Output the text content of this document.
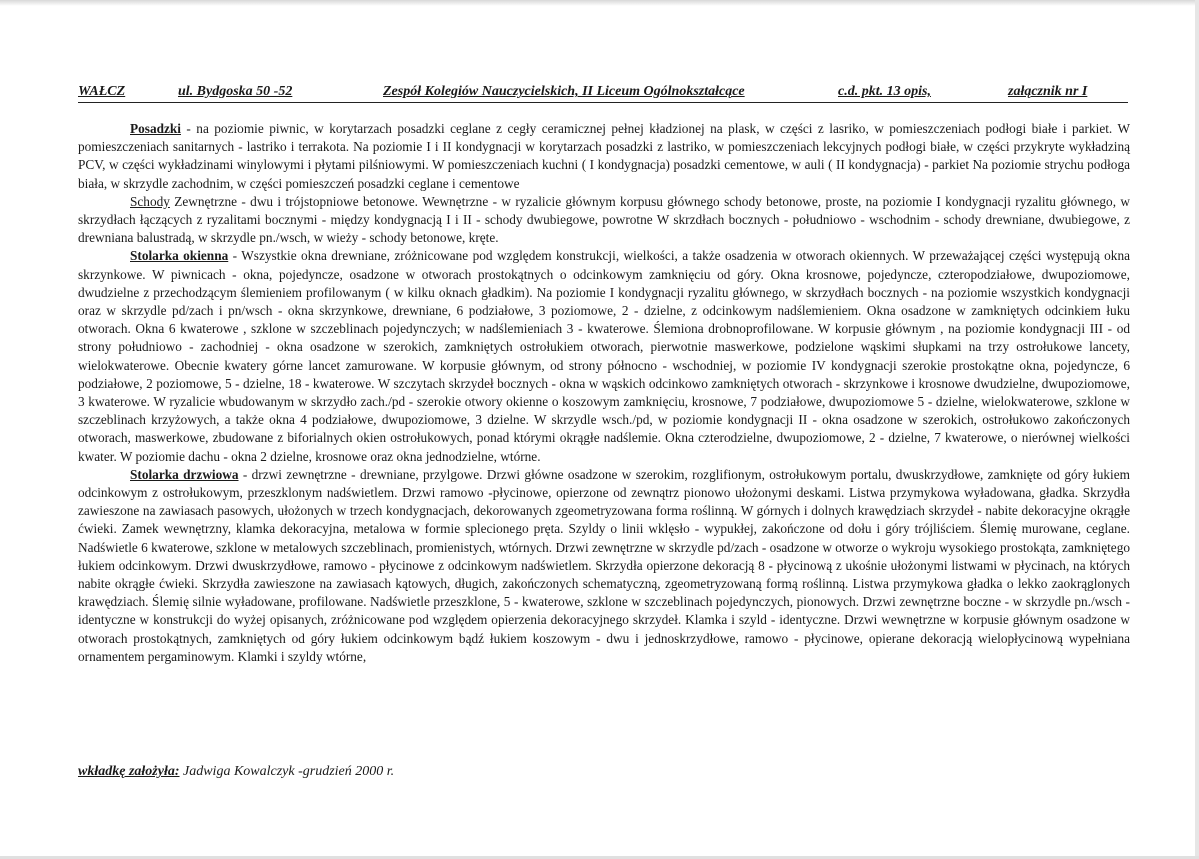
WAŁCZ	ul. Bydgoska 50 -52	Zespół Kolegiów Nauczycielskich, II Liceum Ogólnokształcące	c.d. pkt. 13 opis,	załącznik nr I

Posadzki - na poziomie piwnic, w korytarzach posadzki ceglane z cegły ceramicznej pełnej kładzionej na plask, w części z lasriko, w pomieszczeniach podłogi białe i parkiet. W pomieszczeniach sanitarnych - lastriko i terrakota. Na poziomie I i II kondygnacji w korytarzach posadzki z lastriko, w pomieszczeniach lekcyjnych podłogi białe, w części przykryte wykładziną PCV, w części wykładzinami winylowymi i płytami pilśniowymi. W pomieszczeniach kuchni ( I kondygnacja) posadzki cementowe, w auli ( II kondygnacja) - parkiet Na poziomie strychu podłoga biała, w skrzydle zachodnim, w części pomieszczeń posadzki ceglane i cementowe

Schody Zewnętrzne - dwu i trójstopniowe betonowe. Wewnętrzne - w ryzalicie głównym korpusu głównego schody betonowe, proste, na poziomie I kondygnacji ryzalitu głównego, w skrzydłach łączących z ryzalitami bocznymi - między kondygnacją I i II - schody dwubiegowe, powrotne W skrzdłach bocznych - południowo - wschodnim - schody drewniane, dwubiegowe, z drewniana balustradą, w skrzydle pn./wsch, w wieży - schody betonowe, kręte.

Stolarka okienna - Wszystkie okna drewniane, zróżnicowane pod względem konstrukcji, wielkości, a także osadzenia w otworach okiennych. W przeważającej części występują okna skrzynkowe. W piwnicach - okna, pojedyncze, osadzone w otworach prostokątnych o odcinkowym zamknięciu od góry. Okna krosnowe, pojedyncze, czteropodziałowe, dwupoziomowe, dwudzielne z przechodzącym ślemieniem profilowanym ( w kilku oknach gładkim). Na poziomie I kondygnacji ryzalitu głównego, w skrzydłach bocznych - na poziomie wszystkich kondygnacji oraz w skrzydle pd/zach i pn/wsch - okna skrzynkowe, drewniane, 6 podziałowe, 3 poziomowe, 2 - dzielne, z odcinkowym nadślemieniem. Okna osadzone w zamkniętych odcinkiem łuku otworach. Okna 6 kwaterowe , szklone w szczeblinach pojedynczych; w nadślemieniach 3 - kwaterowe. Ślemiona drobnoprofilowane. W korpusie głównym , na poziomie kondygnacji III - od strony południowo - zachodniej - okna osadzone w szerokich, zamkniętych ostrołukiem otworach, pierwotnie maswerkowe, podzielone wąskimi słupkami na trzy ostrołukowe lancety, wielokwaterowe. Obecnie kwatery górne lancet zamurowane. W korpusie głównym, od strony północno - wschodniej, w poziomie IV kondygnacji szerokie prostokątne okna, pojedyncze, 6 podziałowe, 2 poziomowe, 5 - dzielne, 18 - kwaterowe. W szczytach skrzydeł bocznych - okna w wąskich odcinkowo zamkniętych otworach - skrzynkowe i krosnowe dwudzielne, dwupoziomowe, 3 kwaterowe. W ryzalicie wbudowanym w skrzydło zach./pd - szerokie otwory okienne o koszowym zamknięciu, krosnowe, 7 podziałowe, dwupoziomowe 5 - dzielne, wielokwaterowe, szklone w szczeblinach krzyżowych, a także okna 4 podziałowe, dwupoziomowe, 3 dzielne. W skrzydle wsch./pd, w poziomie kondygnacji II - okna osadzone w szerokich, ostrołukowo zakończonych otworach, maswerkowe, zbudowane z biforialnych okien ostrołukowych, ponad którymi okrągłe nadślemie. Okna czterodzielne, dwupoziomowe, 2 - dzielne, 7 kwaterowe, o nierównej wielkości kwater. W poziomie dachu - okna 2 dzielne, krosnowe oraz okna jednodzielne, wtórne.

Stolarka drzwiowa - drzwi zewnętrzne - drewniane, przylgowe. Drzwi główne osadzone w szerokim, rozglifionym, ostrołukowym portalu, dwuskrzydłowe, zamknięte od góry łukiem odcinkowym z ostrołukowym, przeszklonym nadświetlem. Drzwi ramowo -płycinowe, opierzone od zewnątrz pionowo ułożonymi deskami. Listwa przymykowa wyładowana, gładka. Skrzydła zawieszone na zawiasach pasowych, ułożonych w trzech kondygnacjach, dekorowanych zgeometryzowana forma roślinną. W górnych i dolnych krawędziach skrzydeł - nabite dekoracyjne okrągłe ćwieki. Zamek wewnętrzny, klamka dekoracyjna, metalowa w formie splecionego pręta. Szyldy o linii wklęsło - wypukłej, zakończone od dołu i góry trójliściem. Ślemię murowane, ceglane. Nadświetle 6 kwaterowe, szklone w metalowych szczeblinach, promienistych, wtórnych. Drzwi zewnętrzne w skrzydle pd/zach - osadzone w otworze o wykroju wysokiego prostokąta, zamkniętego łukiem odcinkowym. Drzwi dwuskrzydłowe, ramowo - płycinowe z odcinkowym nadświetlem. Skrzydła opierzone dekoracją 8 - płycinową z ukośnie ułożonymi listwami w płycinach, na których nabite okrągłe ćwieki. Skrzydła zawieszone na zawiasach kątowych, długich, zakończonych schematyczną, zgeometryzowaną formą roślinną. Listwa przymykowa gładka o lekko zaokrąglonych krawędziach. Ślemię silnie wyładowane, profilowane. Nadświetle przeszklone, 5 - kwaterowe, szklone w szczeblinach pojedynczych, pionowych. Drzwi zewnętrzne boczne - w skrzydle pn./wsch - identyczne w konstrukcji do wyżej opisanych, zróżnicowane pod względem opierzenia dekoracyjnego skrzydeł. Klamka i szyld - identyczne. Drzwi wewnętrzne w korpusie głównym osadzone w otworach prostokątnych, zamkniętych od góry łukiem odcinkowym bądź łukiem koszowym - dwu i jednoskrzydłowe, ramowo - płycinowe, opierane dekoracją wielopłycinową wypełniana ornamentem pergaminowym. Klamki i szyldy wtórne,

wkładkę założyła: Jadwiga Kowalczyk -grudzień 2000 r.
